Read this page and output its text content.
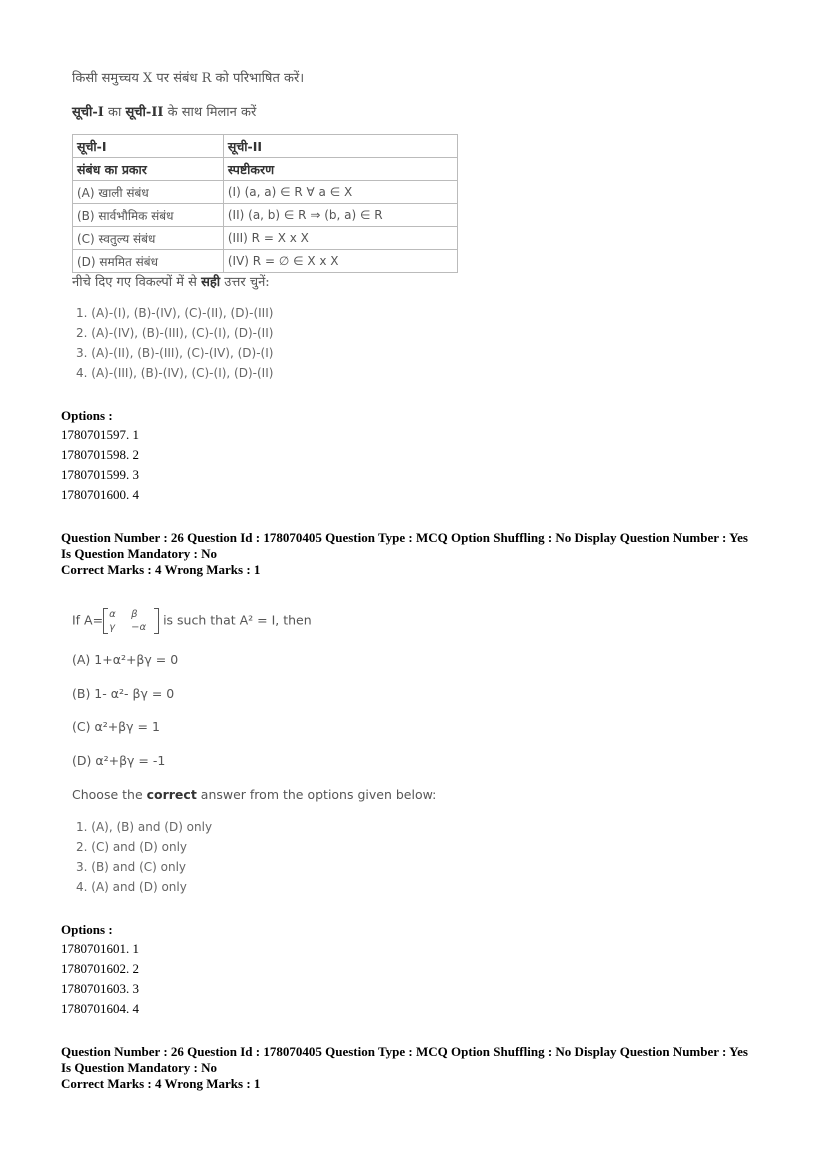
किसी समुच्चय X पर संबंध R को परिभाषित करें।
सूची-I का सूची-II के साथ मिलान करें
सूची-I	सूची-II
संबंध का प्रकार	स्पष्टीकरण
(A) खाली संबंध	(I) (a, a) ∈ R ∀ a ∈ X
(B) सार्वभौमिक संबंध	(II) (a, b) ∈ R ⇒ (b, a) ∈ R
(C) स्वतुल्य संबंध	(III) R = X x X
(D) सममित संबंध	(IV) R = ∅ ∈ X x X
नीचे दिए गए विकल्पों में से सही उत्तर चुनें:
1. (A)-(I), (B)-(IV), (C)-(II), (D)-(III)
2. (A)-(IV), (B)-(III), (C)-(I), (D)-(II)
3. (A)-(II), (B)-(III), (C)-(IV), (D)-(I)
4. (A)-(III), (B)-(IV), (C)-(I), (D)-(II)
Options :
1780701597. 1
1780701598. 2
1780701599. 3
1780701600. 4
Question Number : 26 Question Id : 178070405 Question Type : MCQ Option Shuffling : No Display Question Number : Yes
Is Question Mandatory : No
Correct Marks : 4 Wrong Marks : 1
If A= α β
γ −α	is such that A² = I, then
(A) 1+α²+βγ = 0
(B) 1- α²- βγ = 0
(C) α²+βγ = 1
(D) α²+βγ = -1
Choose the correct answer from the options given below:
1. (A), (B) and (D) only
2. (C) and (D) only
3. (B) and (C) only
4. (A) and (D) only
Options :
1780701601. 1
1780701602. 2
1780701603. 3
1780701604. 4
Question Number : 26 Question Id : 178070405 Question Type : MCQ Option Shuffling : No Display Question Number : Yes
Is Question Mandatory : No
Correct Marks : 4 Wrong Marks : 1
